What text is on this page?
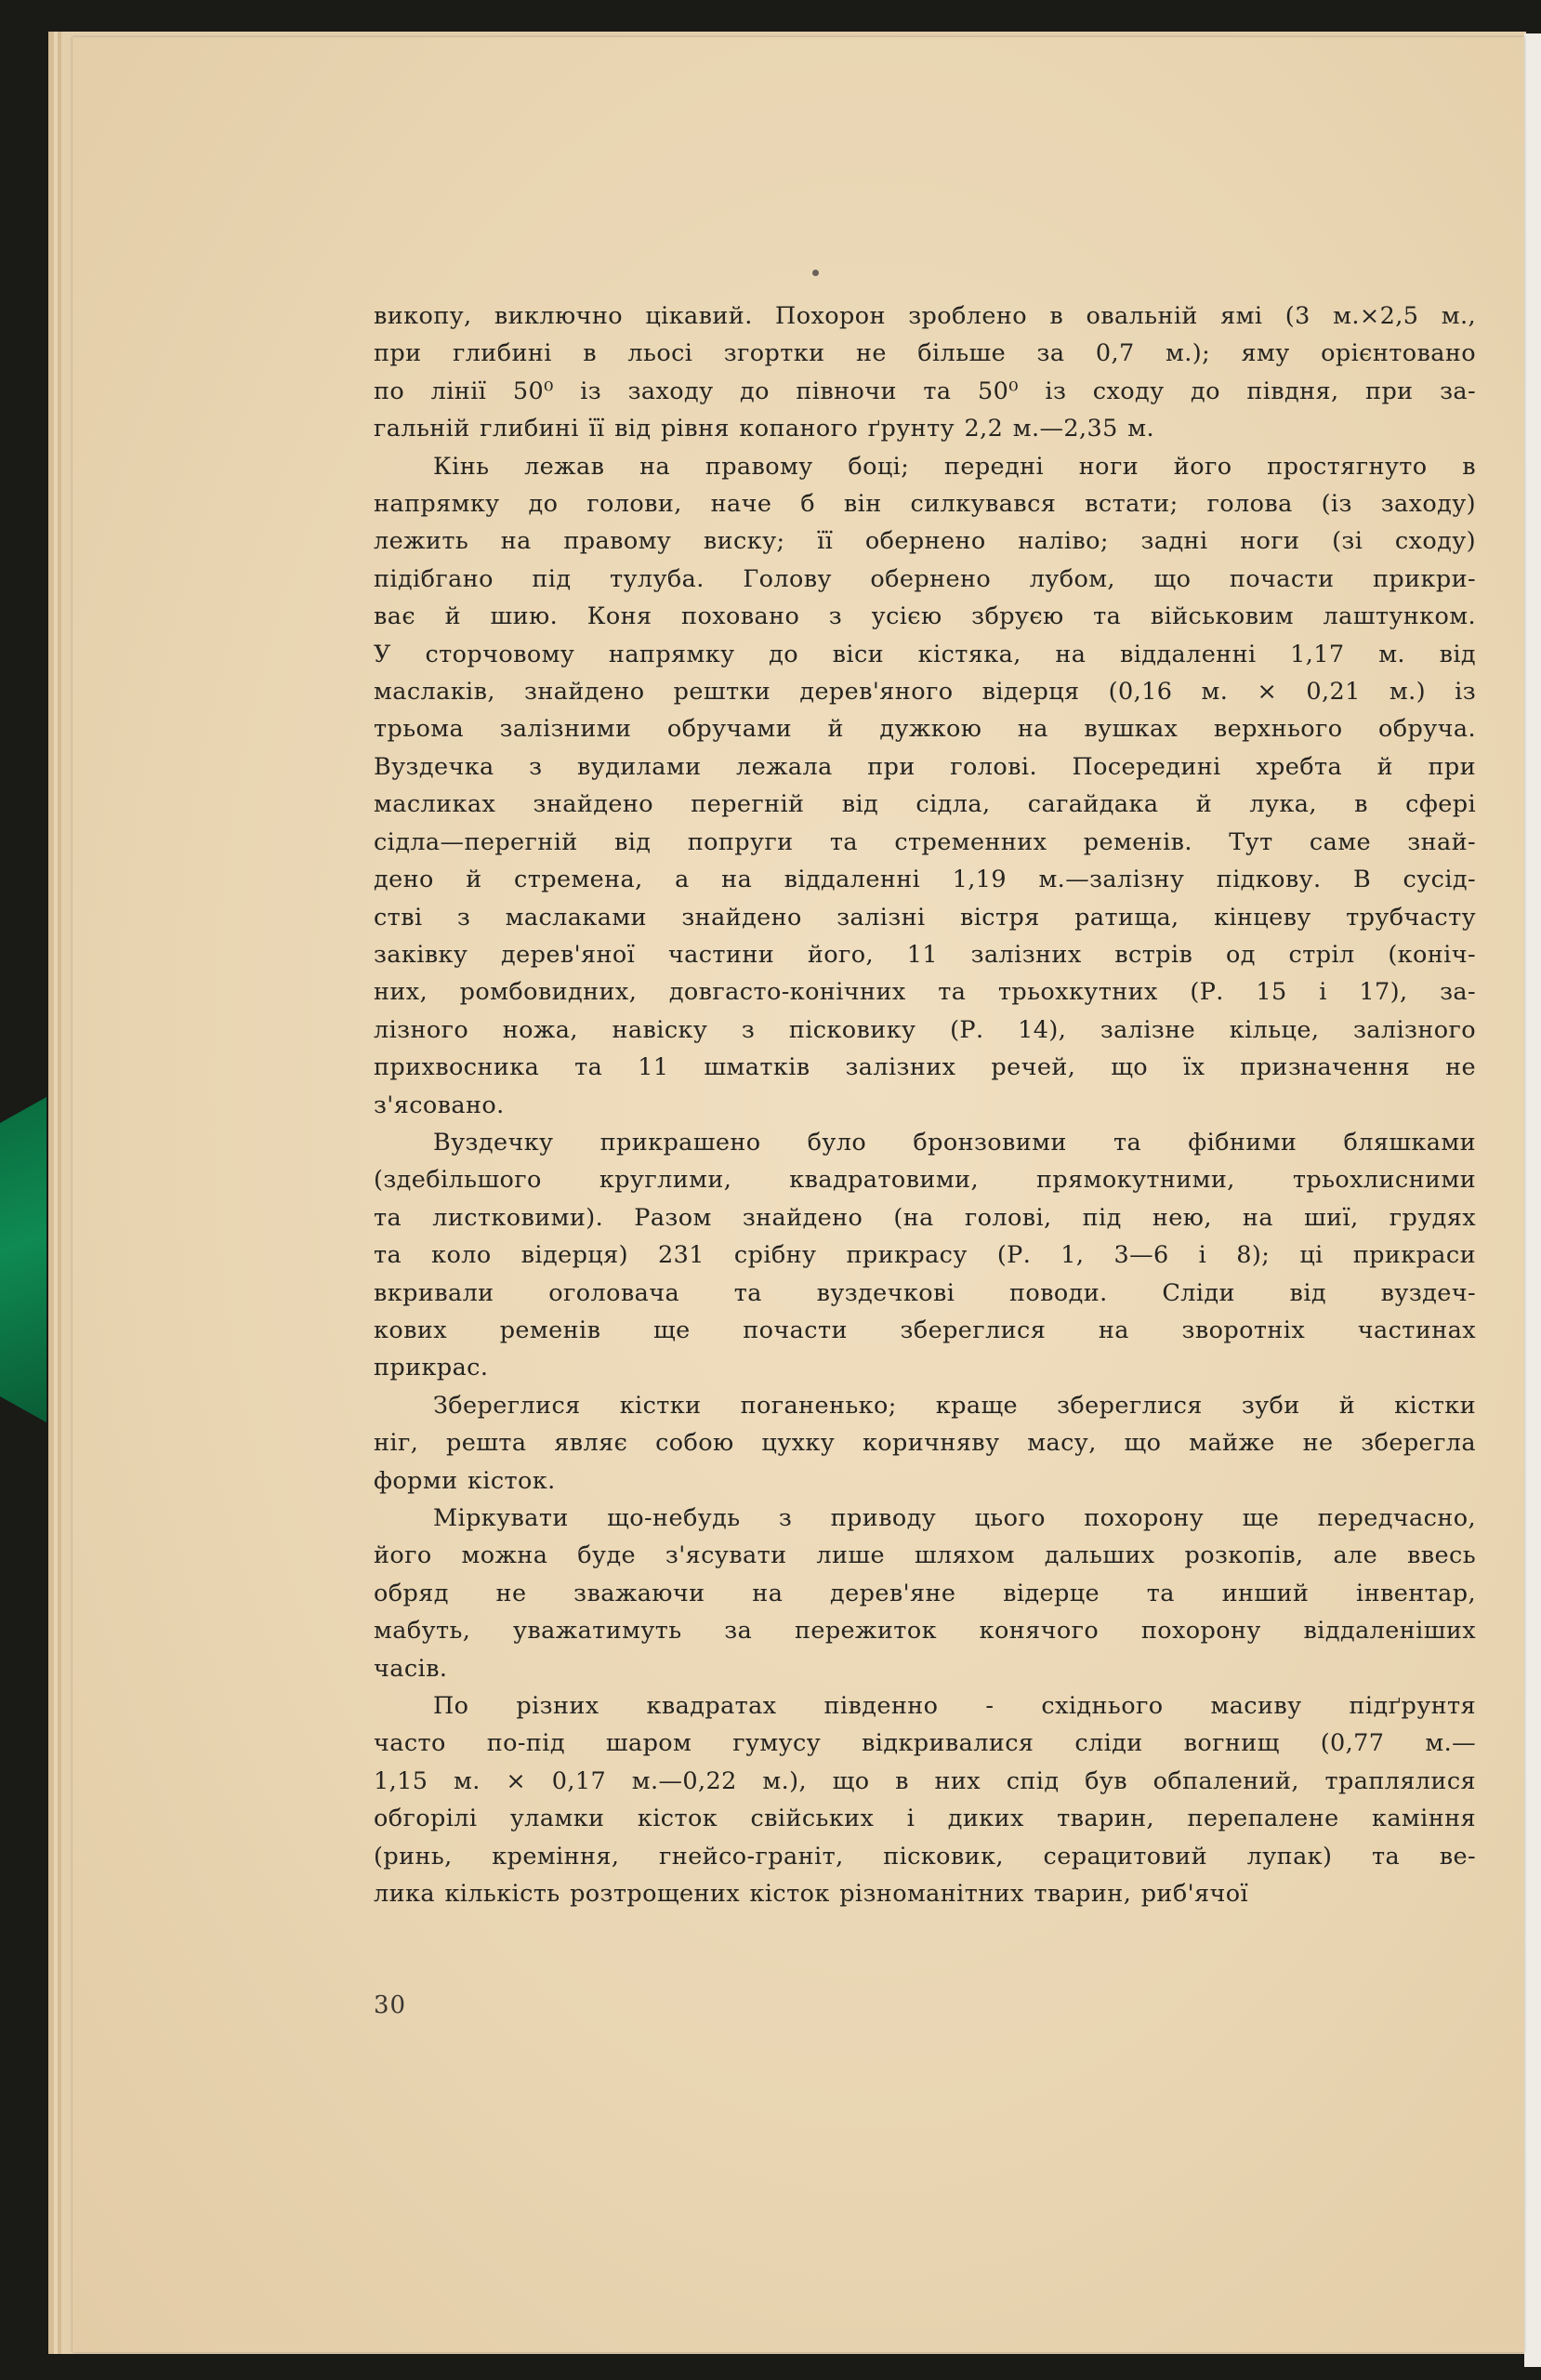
викопу, виключно цікавий. Похорон зроблено в овальній ямі (3 м.×2,5 м.,
при глибині в льосі згортки не більше за 0,7 м.); яму орієнтовано
по лінії 50⁰ із заходу до півночи та 50⁰ із сходу до півдня, при за-
гальній глибині її від рівня копаного ґрунту 2,2 м.—2,35 м.
Кінь лежав на правому боці; передні ноги його простягнуто в
напрямку до голови, наче б він силкувався встати; голова (із заходу)
лежить на правому виску; її обернено наліво; задні ноги (зі сходу)
підібгано під тулуба. Голову обернено лубом, що почасти прикри-
ває й шию. Коня поховано з усією збруєю та військовим лаштунком.
У сторчовому напрямку до віси кістяка, на віддаленні 1,17 м. від
маслаків, знайдено рештки дерев'яного відерця (0,16 м. × 0,21 м.) із
трьома залізними обручами й дужкою на вушках верхнього обруча.
Вуздечка з вудилами лежала при голові. Посередині хребта й при
масликах знайдено перегній від сідла, сагайдака й лука, в сфері
сідла—перегній від попруги та стременних ременів. Тут саме знай-
дено й стремена, а на віддаленні 1,19 м.—залізну підкову. В сусід-
стві з маслаками знайдено залізні вістря ратища, кінцеву трубчасту
заківку дерев'яної частини його, 11 залізних встрів од стріл (коніч-
них, ромбовидних, довгасто-конічних та трьохкутних (Р. 15 і 17), за-
лізного ножа, навіску з пісковику (Р. 14), залізне кільце, залізного
прихвосника та 11 шматків залізних речей, що їх призначення не
з'ясовано.
Вуздечку прикрашено було бронзовими та фібними бляшками
(здебільшого круглими, квадратовими, прямокутними, трьохлисними
та листковими). Разом знайдено (на голові, під нею, на шиї, грудях
та коло відерця) 231 срібну прикрасу (Р. 1, 3—6 і 8); ці прикраси
вкривали оголовача та вуздечкові поводи. Сліди від вуздеч-
кових ременів ще почасти збереглися на зворотніх частинах
прикрас.
Збереглися кістки поганенько; краще збереглися зуби й кістки
ніг, решта являє собою цухку коричняву масу, що майже не зберегла
форми кісток.
Міркувати що-небудь з приводу цього похорону ще передчасно,
його можна буде з'ясувати лише шляхом дальших розкопів, але ввесь
обряд не зважаючи на дерев'яне відерце та инший інвентар,
мабуть, уважатимуть за пережиток конячого похорону віддаленіших
часів.
По різних квадратах південно - східнього масиву підґрунтя
часто по-під шаром гумусу відкривалися сліди вогнищ (0,77 м.—
1,15 м. × 0,17 м.—0,22 м.), що в них спід був обпалений, траплялися
обгорілі уламки кісток свійських і диких тварин, перепалене каміння
(ринь, креміння, гнейсо-граніт, пісковик, серацитовий лупак) та ве-
лика кількість розтрощених кісток різноманітних тварин, риб'ячої
30
